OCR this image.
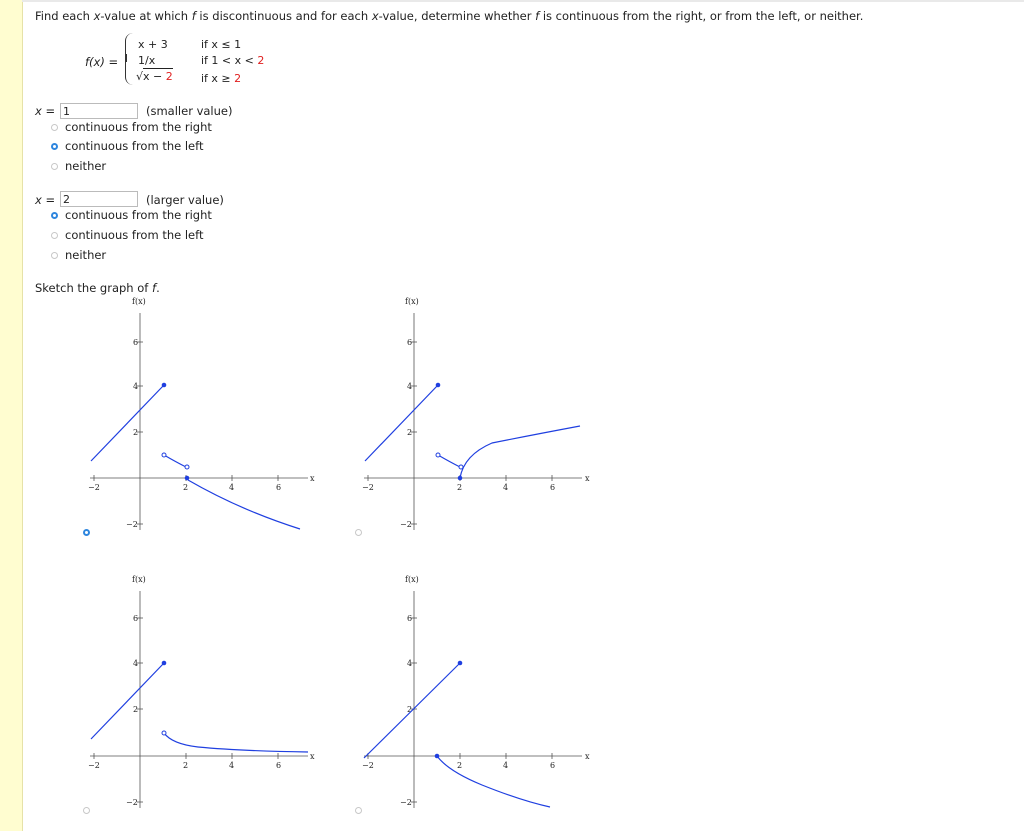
Find each x-value at which f is discontinuous and for each x-value, determine whether f is continuous from the right, or from the left, or neither.
f(x) =
x + 3	if x ≤ 1
1/x	if 1 < x < 2
√x − 2	if x ≥ 2
x = 1	(smaller value)
continuous from the right
continuous from the left
neither
x = 2	(larger value)
continuous from the right
continuous from the left
neither
Sketch the graph of f.
f(x)
−2	2	4	6
x
6
4
2
−2
f(x)
−2	2	4	6
x
6
4
2
−2
f(x)
−2	2	4	6
x
6
4
2
−2
f(x)
−2	2	4	6
x
6
4
2
−2
